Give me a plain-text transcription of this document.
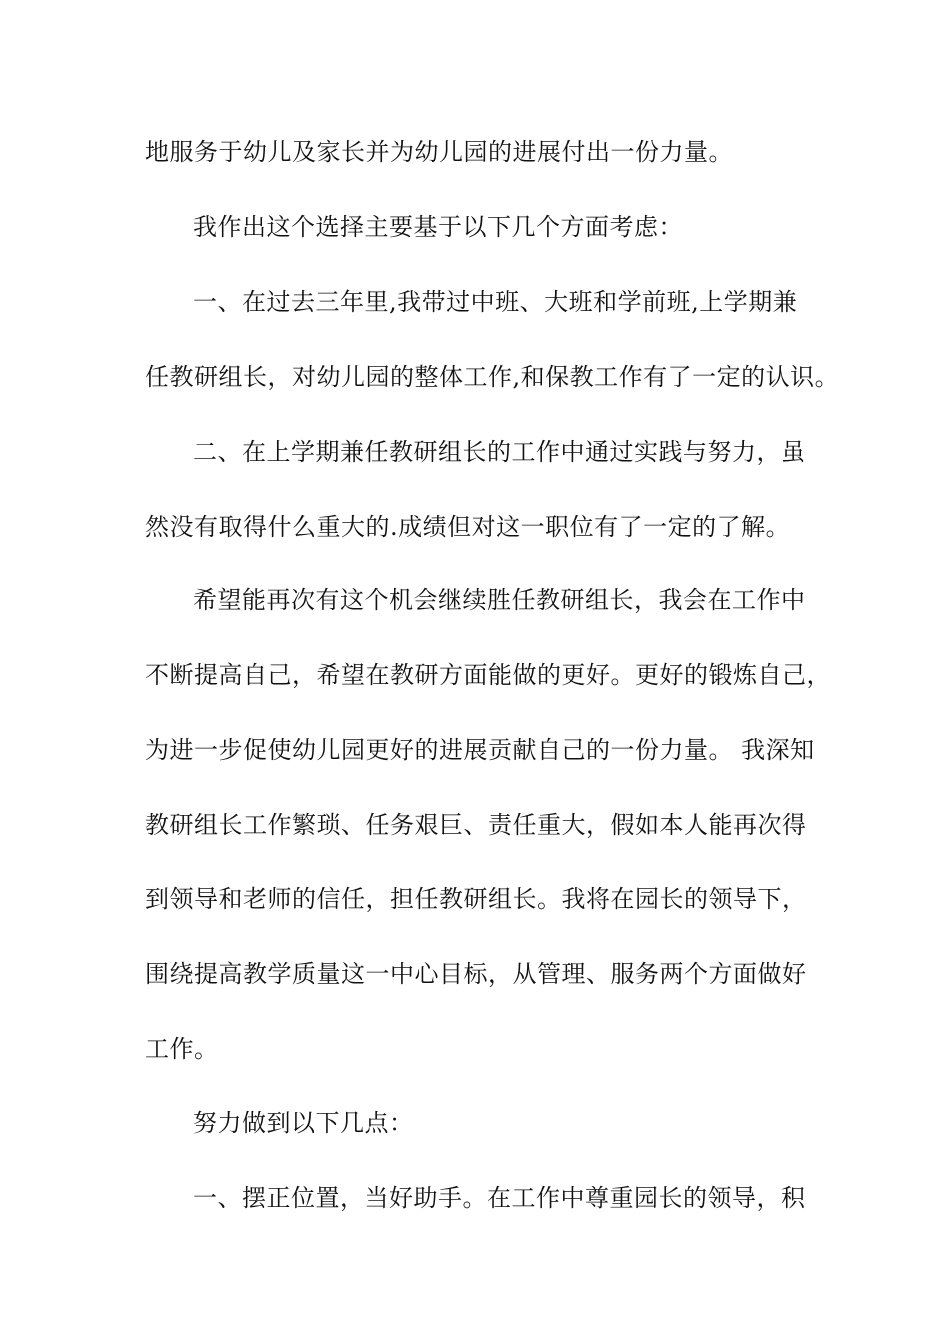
地服务于幼儿及家长并为幼儿园的进展付出一份力量。
我作出这个选择主要基于以下几个方面考虑：
一、在过去三年里,我带过中班、大班和学前班,上学期兼
任教研组长，对幼儿园的整体工作,和保教工作有了一定的认识。
二、在上学期兼任教研组长的工作中通过实践与努力，虽
然没有取得什么重大的.成绩但对这一职位有了一定的了解。
希望能再次有这个机会继续胜任教研组长，我会在工作中
不断提高自己，希望在教研方面能做的更好。更好的锻炼自己，
为进一步促使幼儿园更好的进展贡献自己的一份力量。 我深知
教研组长工作繁琐、任务艰巨、责任重大，假如本人能再次得
到领导和老师的信任，担任教研组长。我将在园长的领导下，
围绕提高教学质量这一中心目标，从管理、服务两个方面做好
工作。
努力做到以下几点：
一、摆正位置，当好助手。在工作中尊重园长的领导，积
